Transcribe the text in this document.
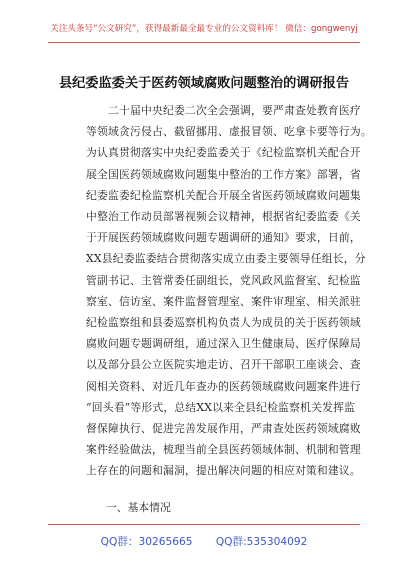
关注头条号“公文研究”，获得最新最全最专业的公文资料库！ 微信：gongwenyj
县纪委监委关于医药领域腐败问题整治的调研报告
二十届中央纪委二次全会强调，要严肃查处教育医疗
等领域贪污侵占、截留挪用、虚报冒领、吃拿卡要等行为。
为认真贯彻落实中央纪委监委关于《纪检监察机关配合开
展全国医药领域腐败问题集中整治的工作方案》部署，省
纪委监委纪检监察机关配合开展全省医药领域腐败问题集
中整治工作动员部署视频会议精神，根据省纪委监委《关
于开展医药领域腐败问题专题调研的通知》要求，日前，
XX县纪委监委结合贯彻落实成立由委主要领导任组长，分
管副书记、主管常委任副组长，党风政风监督室、纪检监
察室、信访室、案件监督管理室、案件审理室、相关派驻
纪检监察组和县委巡察机构负责人为成员的关于医药领域
腐败问题专题调研组，通过深入卫生健康局、医疗保障局
以及部分县公立医院实地走访、召开干部职工座谈会、查
阅相关资料、对近几年查办的医药领域腐败问题案件进行
“回头看”等形式，总结XX以来全县纪检监察机关发挥监
督保障执行、促进完善发展作用，严肃查处医药领域腐败
案件经验做法，梳理当前全县医药领域体制、机制和管理
上存在的问题和漏洞，提出解决问题的相应对策和建议。
一、基本情况
QQ群：30265665 QQ群:535304092
